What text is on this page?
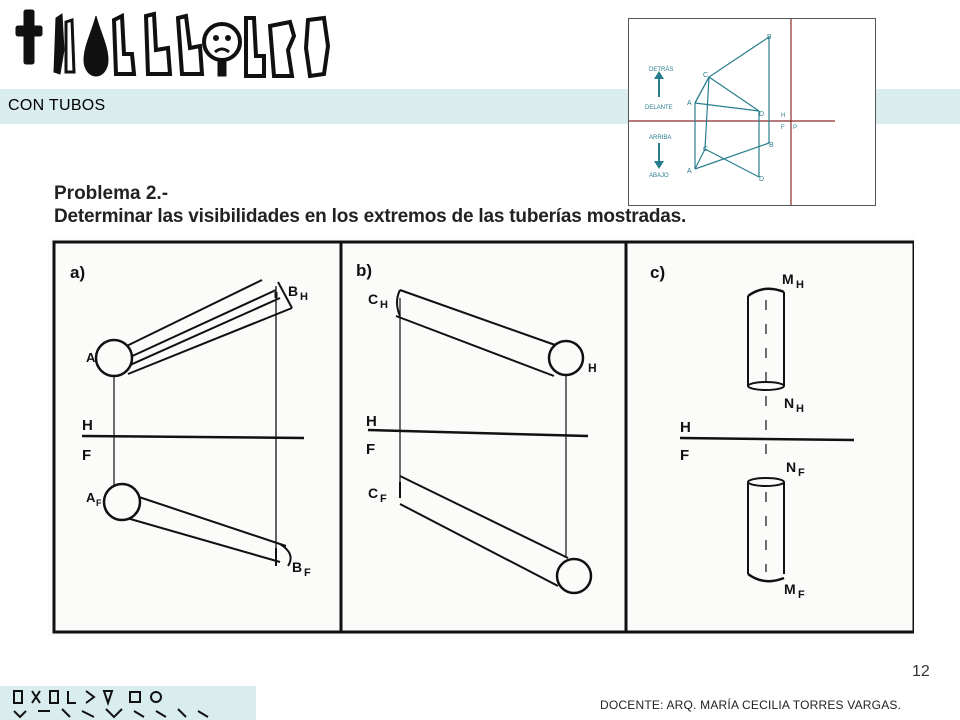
CON TUBOS
DETRÁS
DELANTE
ARRIBA
ABAJO
A
C
B
D
A
C
B
D
H
F P
Problema 2.-
Determinar las visibilidades en los extremos de las tuberías mostradas.
a)
A
B H
H
F
A F
B F
b)
C H
H
H
F
C F
c)	M H
N H
H
F
N F
M F
12
DOCENTE: ARQ. MARÍA CECILIA TORRES VARGAS.
